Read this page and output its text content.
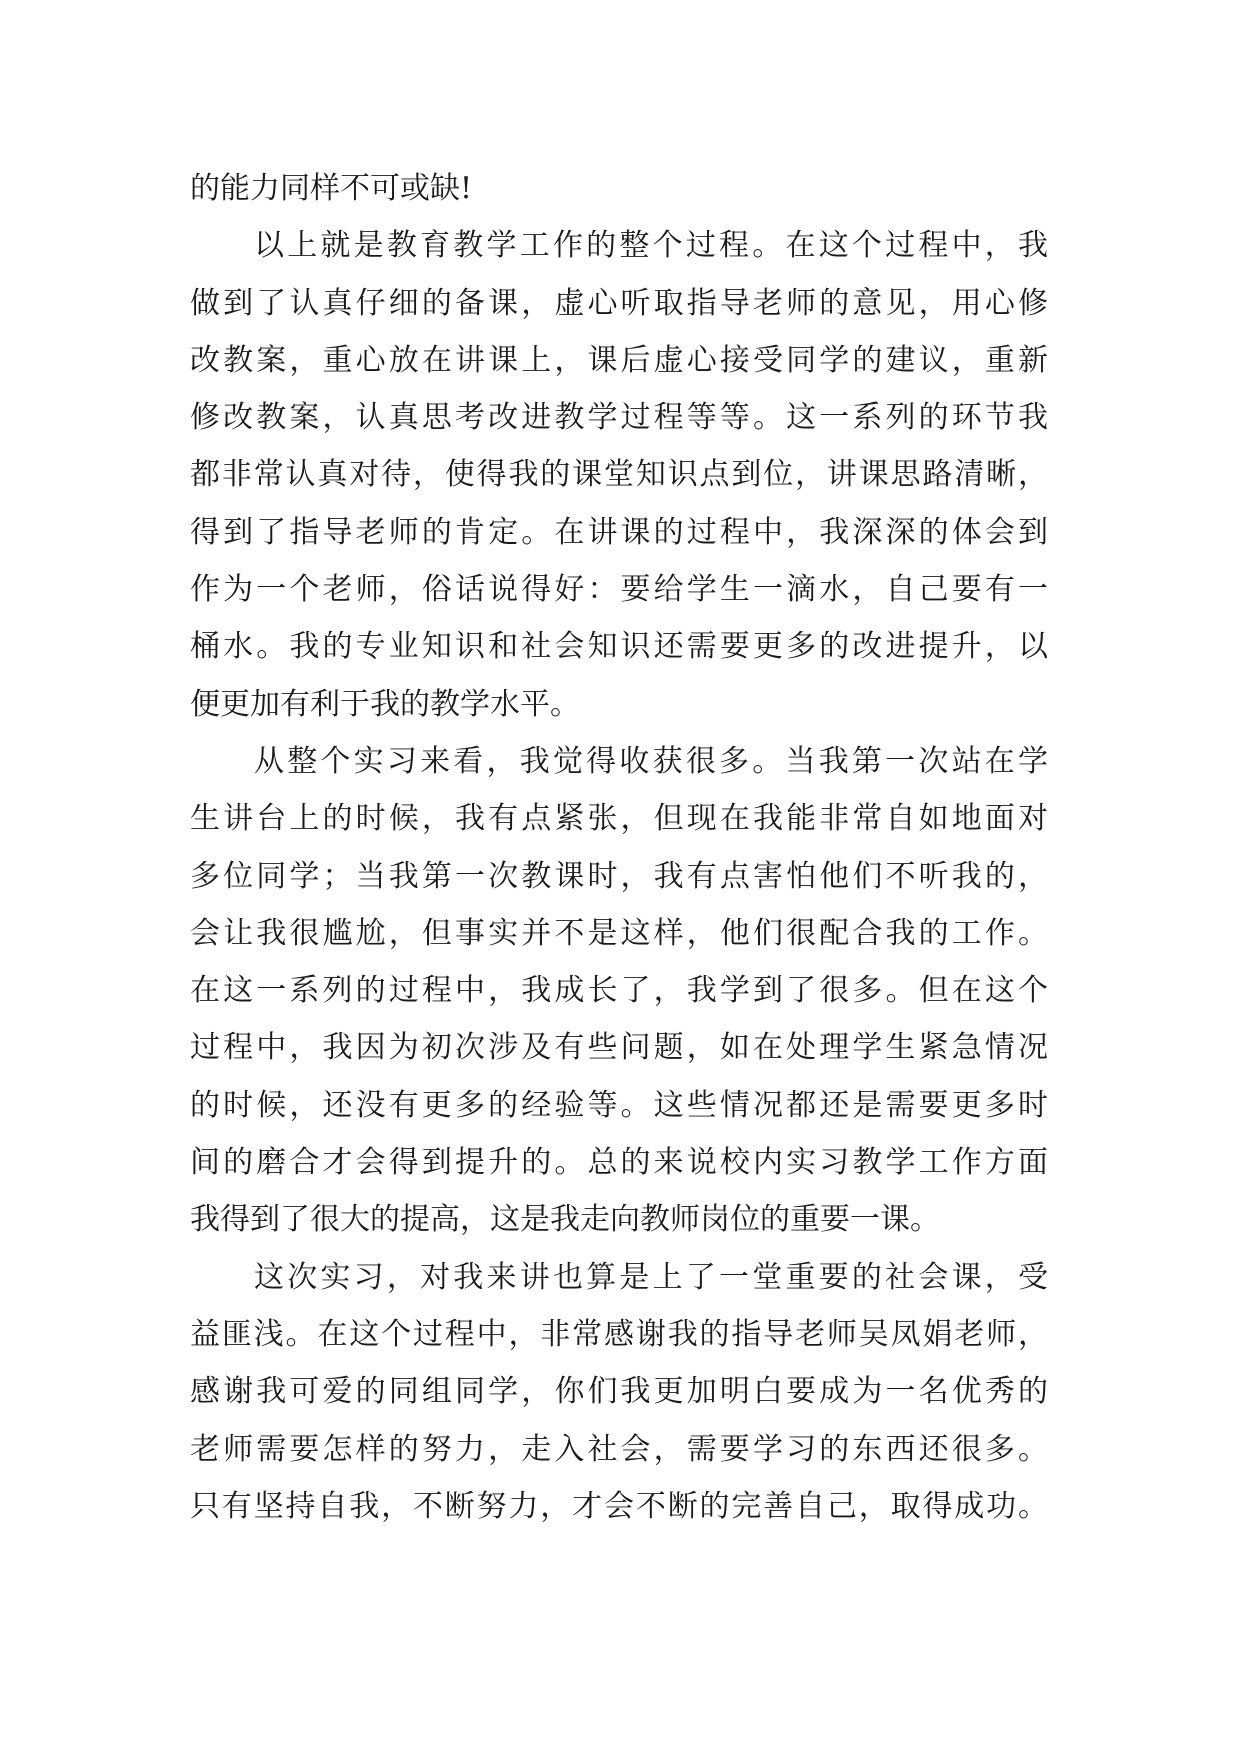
的能力同样不可或缺!
以上就是教育教学工作的整个过程。在这个过程中，我
做到了认真仔细的备课，虚心听取指导老师的意见，用心修
改教案，重心放在讲课上，课后虚心接受同学的建议，重新
修改教案，认真思考改进教学过程等等。这一系列的环节我
都非常认真对待，使得我的课堂知识点到位，讲课思路清晰，
得到了指导老师的肯定。在讲课的过程中，我深深的体会到
作为一个老师，俗话说得好：要给学生一滴水，自己要有一
桶水。我的专业知识和社会知识还需要更多的改进提升，以
便更加有利于我的教学水平。
从整个实习来看，我觉得收获很多。当我第一次站在学
生讲台上的时候，我有点紧张，但现在我能非常自如地面对
多位同学；当我第一次教课时，我有点害怕他们不听我的，
会让我很尴尬，但事实并不是这样，他们很配合我的工作。
在这一系列的过程中，我成长了，我学到了很多。但在这个
过程中，我因为初次涉及有些问题，如在处理学生紧急情况
的时候，还没有更多的经验等。这些情况都还是需要更多时
间的磨合才会得到提升的。总的来说校内实习教学工作方面
我得到了很大的提高，这是我走向教师岗位的重要一课。
这次实习，对我来讲也算是上了一堂重要的社会课，受
益匪浅。在这个过程中，非常感谢我的指导老师吴凤娟老师，
感谢我可爱的同组同学，你们我更加明白要成为一名优秀的
老师需要怎样的努力，走入社会，需要学习的东西还很多。
只有坚持自我，不断努力，才会不断的完善自己，取得成功。
